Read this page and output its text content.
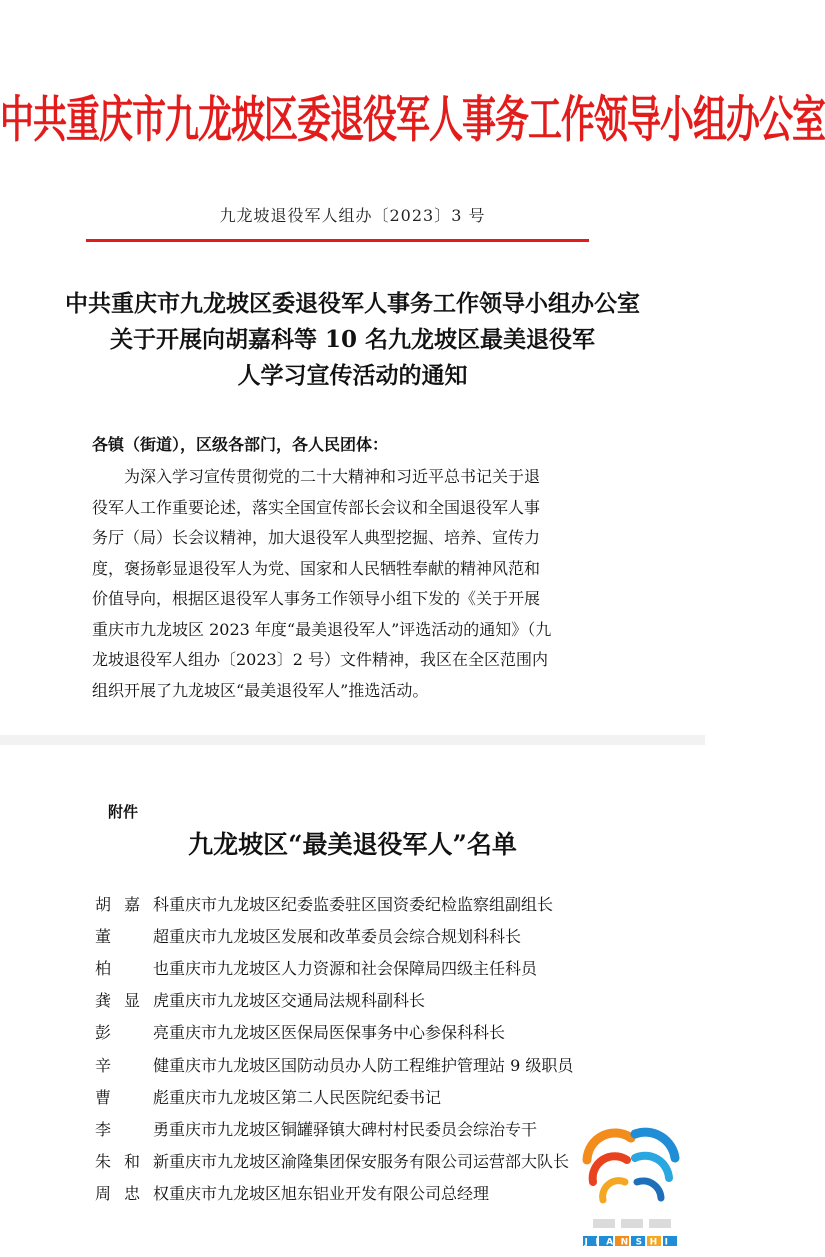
中共重庆市九龙坡区委退役军人事务工作领导小组办公室
九龙坡退役军人组办〔2023〕3 号
中共重庆市九龙坡区委退役军人事务工作领导小组办公室
关于开展向胡嘉科等 10 名九龙坡区最美退役军
人学习宣传活动的通知
各镇（街道），区级各部门，各人民团体：
　　为深入学习宣传贯彻党的二十大精神和习近平总书记关于退
役军人工作重要论述，落实全国宣传部长会议和全国退役军人事
务厅（局）长会议精神，加大退役军人典型挖掘、培养、宣传力
度，褒扬彰显退役军人为党、国家和人民牺牲奉献的精神风范和
价值导向，根据区退役军人事务工作领导小组下发的《关于开展
重庆市九龙坡区 2023 年度“最美退役军人”评选活动的通知》（九
龙坡退役军人组办〔2023〕2 号）文件精神，我区在全区范围内
组织开展了九龙坡区“最美退役军人”推选活动。
附件
九龙坡区“最美退役军人”名单
胡嘉科 重庆市九龙坡区纪委监委驻区国资委纪检监察组副组长
董超 重庆市九龙坡区发展和改革委员会综合规划科科长
柏也 重庆市九龙坡区人力资源和社会保障局四级主任科员
龚显虎 重庆市九龙坡区交通局法规科副科长
彭亮 重庆市九龙坡区医保局医保事务中心参保科科长
辛健 重庆市九龙坡区国防动员办人防工程维护管理站 9 级职员
曹彪 重庆市九龙坡区第二人民医院纪委书记
李勇 重庆市九龙坡区铜罐驿镇大碑村村民委员会综治专干
朱和新 重庆市九龙坡区渝隆集团保安服务有限公司运营部大队长
周忠权 重庆市九龙坡区旭东铝业开发有限公司总经理
JIANSHI
